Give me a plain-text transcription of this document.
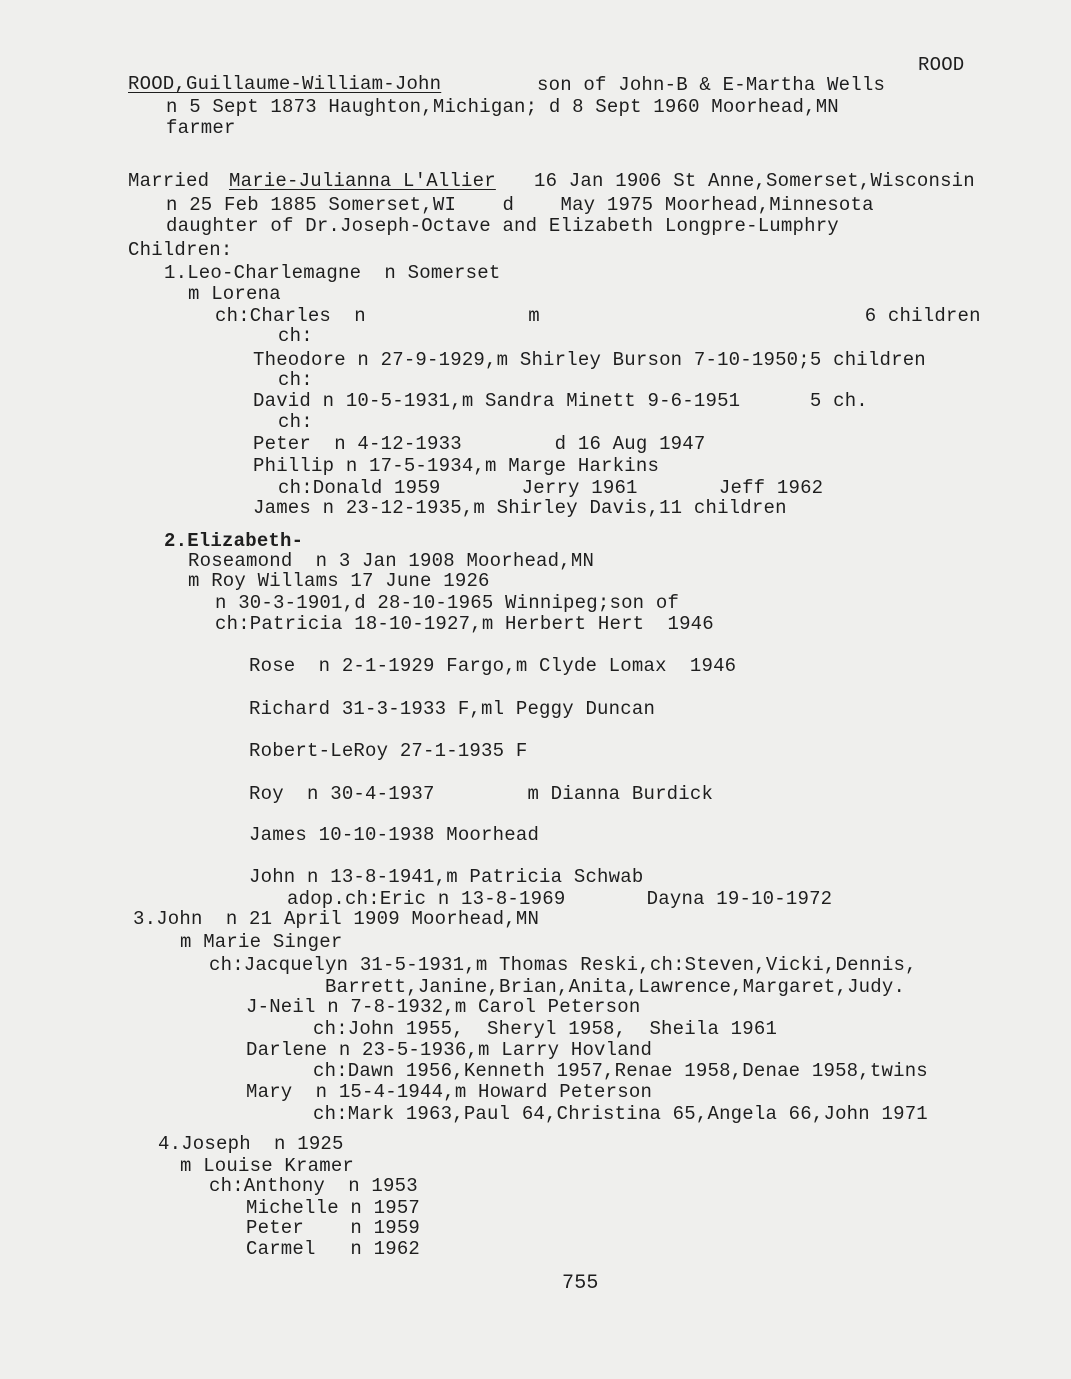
ROOD
ROOD,Guillaume-William-John	son of John-B & E-Martha Wells
n 5 Sept 1873 Haughton,Michigan; d 8 Sept 1960 Moorhead,MN
farmer
Married Marie-Julianna L'Allier 16 Jan 1906 St Anne,Somerset,Wisconsin
n 25 Feb 1885 Somerset,WI    d    May 1975 Moorhead,Minnesota
daughter of Dr.Joseph-Octave and Elizabeth Longpre-Lumphry
Children:
1.Leo-Charlemagne  n Somerset
m Lorena
ch:Charles  n              m                            6 children
ch:
Theodore n 27-9-1929,m Shirley Burson 7-10-1950;5 children
ch:
David n 10-5-1931,m Sandra Minett 9-6-1951      5 ch.
ch:
Peter  n 4-12-1933        d 16 Aug 1947
Phillip n 17-5-1934,m Marge Harkins
ch:Donald 1959       Jerry 1961       Jeff 1962
James n 23-12-1935,m Shirley Davis,11 children
2.Elizabeth-
Roseamond  n 3 Jan 1908 Moorhead,MN
m Roy Willams 17 June 1926
n 30-3-1901,d 28-10-1965 Winnipeg;son of
ch:Patricia 18-10-1927,m Herbert Hert  1946
Rose  n 2-1-1929 Fargo,m Clyde Lomax  1946
Richard 31-3-1933 F,ml Peggy Duncan
Robert-LeRoy 27-1-1935 F
Roy  n 30-4-1937        m Dianna Burdick
James 10-10-1938 Moorhead
John n 13-8-1941,m Patricia Schwab
adop.ch:Eric n 13-8-1969       Dayna 19-10-1972
3.John  n 21 April 1909 Moorhead,MN
m Marie Singer
ch:Jacquelyn 31-5-1931,m Thomas Reski,ch:Steven,Vicki,Dennis,
Barrett,Janine,Brian,Anita,Lawrence,Margaret,Judy.
J-Neil n 7-8-1932,m Carol Peterson
ch:John 1955,  Sheryl 1958,  Sheila 1961
Darlene n 23-5-1936,m Larry Hovland
ch:Dawn 1956,Kenneth 1957,Renae 1958,Denae 1958,twins
Mary  n 15-4-1944,m Howard Peterson
ch:Mark 1963,Paul 64,Christina 65,Angela 66,John 1971
4.Joseph  n 1925
m Louise Kramer
ch:Anthony  n 1953
Michelle n 1957
Peter    n 1959
Carmel   n 1962
755
